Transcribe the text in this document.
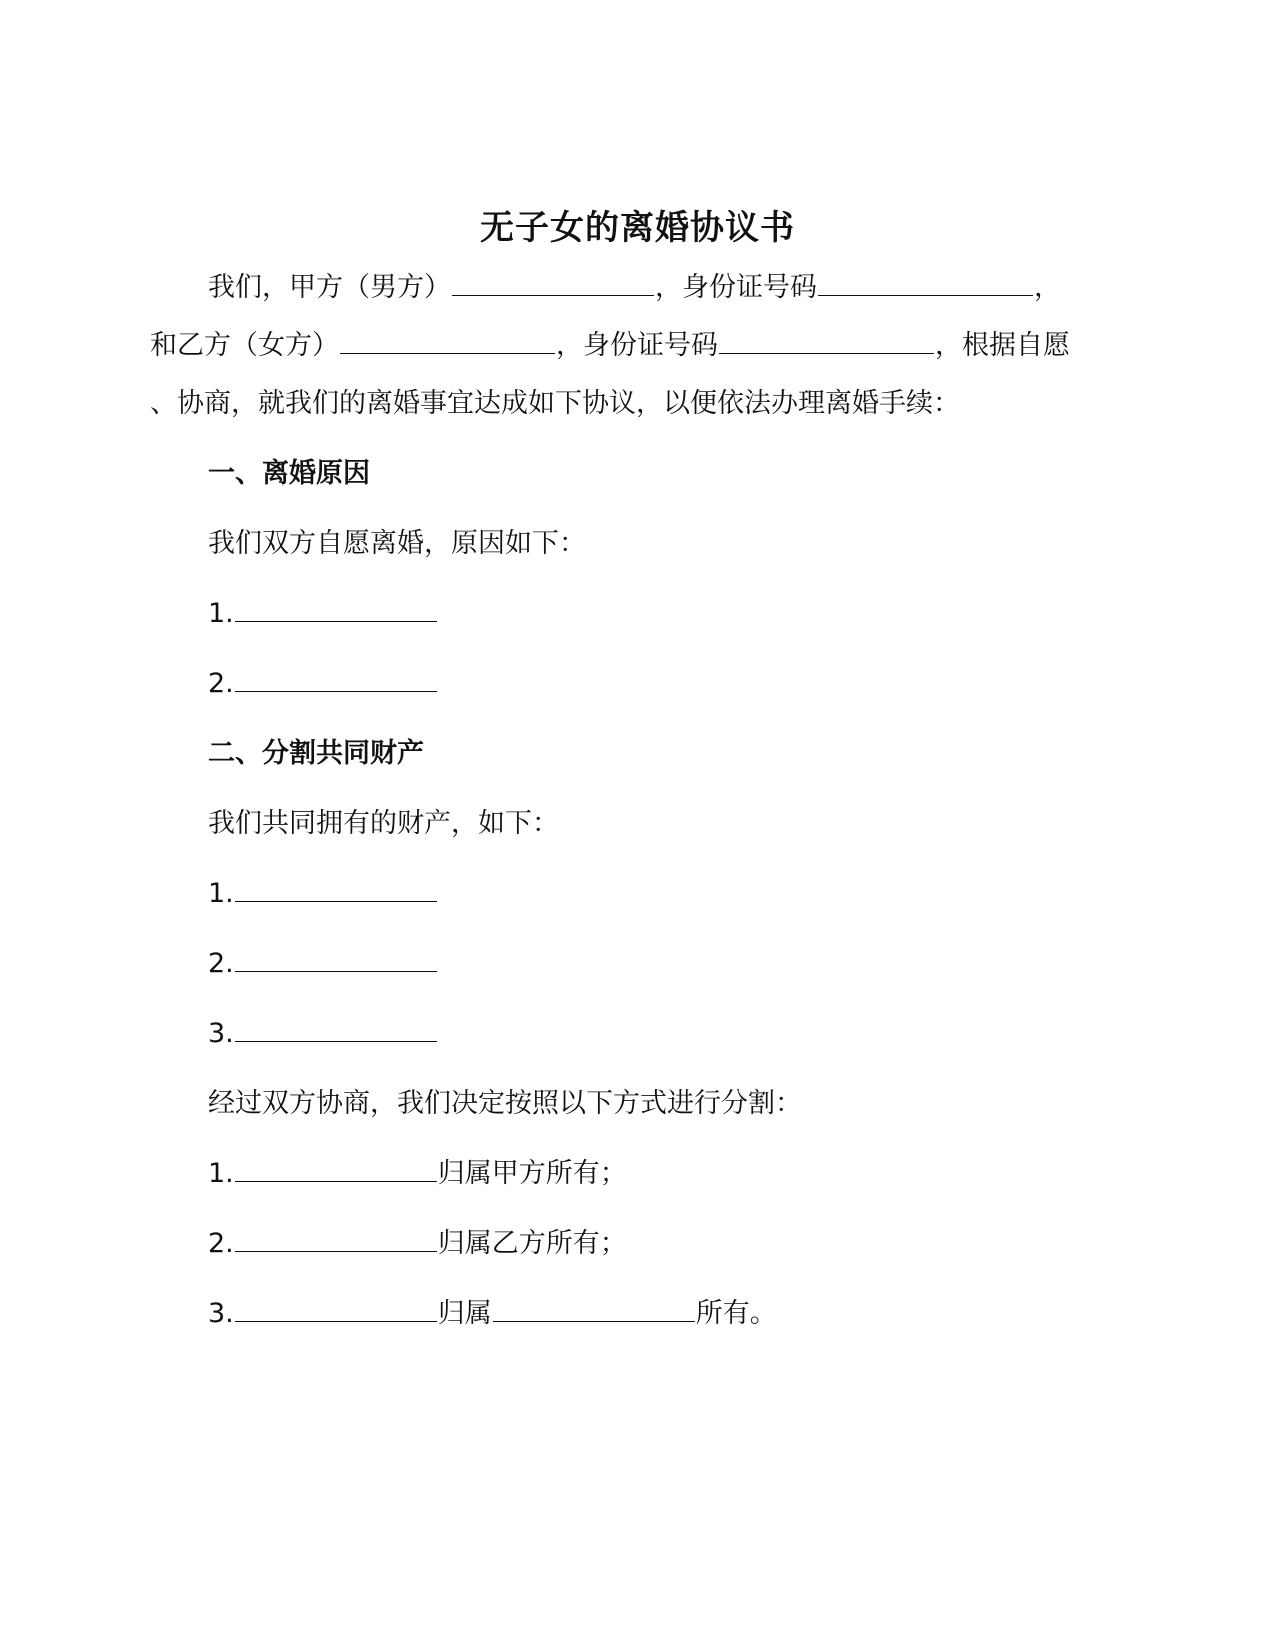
无子女的离婚协议书
我们，甲方（男方）	，身份证号码	，
和乙方（女方）	，身份证号码	，根据自愿
、协商，就我们的离婚事宜达成如下协议，以便依法办理离婚手续：
一、离婚原因
我们双方自愿离婚，原因如下：
1.
2.
二、分割共同财产
我们共同拥有的财产，如下：
1.
2.
3.
经过双方协商，我们决定按照以下方式进行分割：
1.	归属甲方所有；
2.	归属乙方所有；
3.	归属	所有。
